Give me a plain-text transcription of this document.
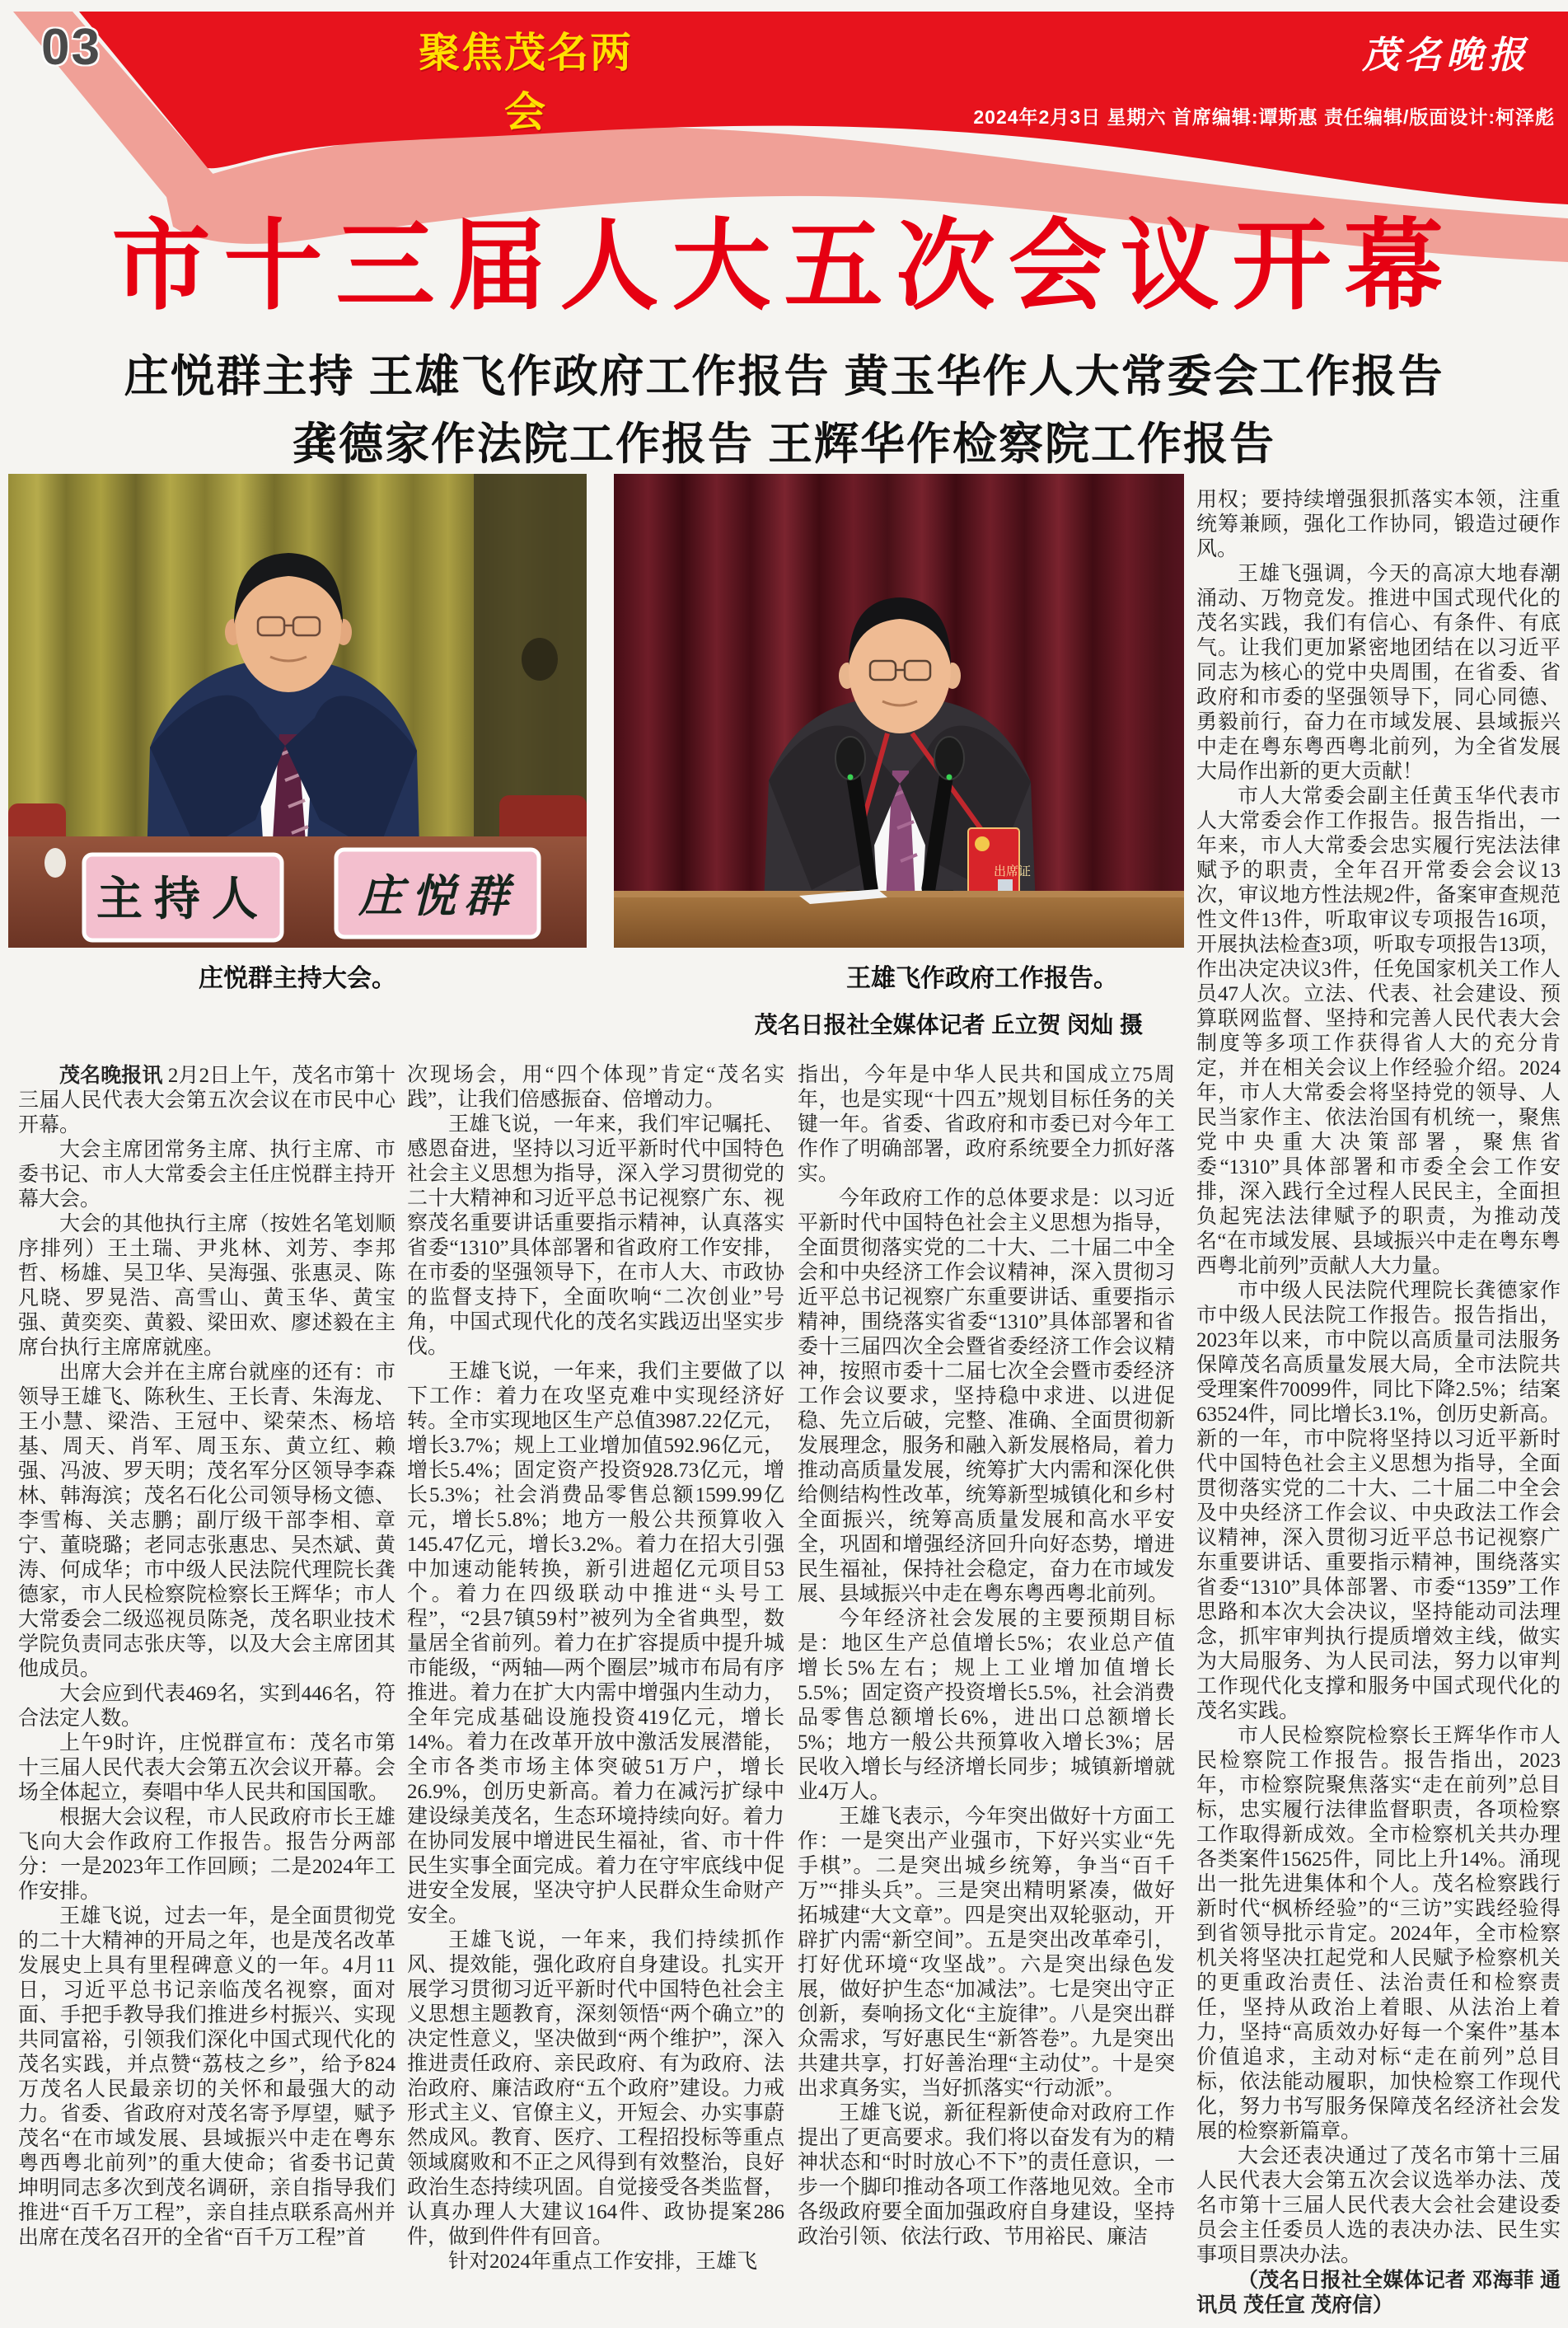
03	聚焦茂名两会
茂名晚报
2024年2月3日 星期六 首席编辑:谭斯惠 责任编辑/版面设计:柯泽彪
市十三届人大五次会议开幕
庄悦群主持 王雄飞作政府工作报告 黄玉华作人大常委会工作报告
龚德家作法院工作报告 王辉华作检察院工作报告
主持人 庄悦群	出席证
庄悦群主持大会。	王雄飞作政府工作报告。
茂名日报社全媒体记者 丘立贺 闵灿 摄

茂名晚报讯 2月2日上午，茂名市第十三届人民代表大会第五次会议在市民中心开幕。

大会主席团常务主席、执行主席、市委书记、市人大常委会主任庄悦群主持开幕大会。

大会的其他执行主席（按姓名笔划顺序排列）王土瑞、尹兆林、刘芳、李邦哲、杨雄、吴卫华、吴海强、张惠灵、陈凡晓、罗晃浩、高雪山、黄玉华、黄宝强、黄奕奕、黄毅、梁田欢、廖述毅在主席台执行主席席就座。

出席大会并在主席台就座的还有：市领导王雄飞、陈秋生、王长青、朱海龙、王小慧、梁浩、王冠中、梁荣杰、杨培基、周天、肖军、周玉东、黄立红、赖强、冯波、罗天明；茂名军分区领导李森林、韩海滨；茂名石化公司领导杨文德、李雪梅、关志鹏；副厅级干部李相、章宁、董晓璐；老同志张惠忠、吴杰斌、黄涛、何成华；市中级人民法院代理院长龚德家，市人民检察院检察长王辉华；市人大常委会二级巡视员陈尧，茂名职业技术学院负责同志张庆等，以及大会主席团其他成员。

大会应到代表469名，实到446名，符合法定人数。

上午9时许，庄悦群宣布：茂名市第十三届人民代表大会第五次会议开幕。会场全体起立，奏唱中华人民共和国国歌。

根据大会议程，市人民政府市长王雄飞向大会作政府工作报告。报告分两部分：一是2023年工作回顾；二是2024年工作安排。

王雄飞说，过去一年，是全面贯彻党的二十大精神的开局之年，也是茂名改革发展史上具有里程碑意义的一年。4月11日，习近平总书记亲临茂名视察，面对面、手把手教导我们推进乡村振兴、实现共同富裕，引领我们深化中国式现代化的茂名实践，并点赞“荔枝之乡”，给予824万茂名人民最亲切的关怀和最强大的动力。省委、省政府对茂名寄予厚望，赋予茂名“在市域发展、县域振兴中走在粤东粤西粤北前列”的重大使命；省委书记黄坤明同志多次到茂名调研，亲自指导我们推进“百千万工程”，亲自挂点联系高州并出席在茂名召开的全省“百千万工程”首

次现场会，用“四个体现”肯定“茂名实践”，让我们倍感振奋、倍增动力。

王雄飞说，一年来，我们牢记嘱托、感恩奋进，坚持以习近平新时代中国特色社会主义思想为指导，深入学习贯彻党的二十大精神和习近平总书记视察广东、视察茂名重要讲话重要指示精神，认真落实省委“1310”具体部署和省政府工作安排，在市委的坚强领导下，在市人大、市政协的监督支持下，全面吹响“二次创业”号角，中国式现代化的茂名实践迈出坚实步伐。

王雄飞说，一年来，我们主要做了以下工作：着力在攻坚克难中实现经济好转。全市实现地区生产总值3987.22亿元，增长3.7%；规上工业增加值592.96亿元，增长5.4%；固定资产投资928.73亿元，增长5.3%；社会消费品零售总额1599.99亿元，增长5.8%；地方一般公共预算收入145.47亿元，增长3.2%。着力在招大引强中加速动能转换，新引进超亿元项目53个。着力在四级联动中推进“头号工程”，“2县7镇59村”被列为全省典型，数量居全省前列。着力在扩容提质中提升城市能级，“两轴—两个圈层”城市布局有序推进。着力在扩大内需中增强内生动力，全年完成基础设施投资419亿元，增长14%。着力在改革开放中激活发展潜能，全市各类市场主体突破51万户，增长26.9%，创历史新高。着力在减污扩绿中建设绿美茂名，生态环境持续向好。着力在协同发展中增进民生福祉，省、市十件民生实事全面完成。着力在守牢底线中促进安全发展，坚决守护人民群众生命财产安全。

王雄飞说，一年来，我们持续抓作风、提效能，强化政府自身建设。扎实开展学习贯彻习近平新时代中国特色社会主义思想主题教育，深刻领悟“两个确立”的决定性意义，坚决做到“两个维护”，深入推进责任政府、亲民政府、有为政府、法治政府、廉洁政府“五个政府”建设。力戒形式主义、官僚主义，开短会、办实事蔚然成风。教育、医疗、工程招投标等重点领域腐败和不正之风得到有效整治，良好政治生态持续巩固。自觉接受各类监督，认真办理人大建议164件、政协提案286件，做到件件有回音。

针对2024年重点工作安排，王雄飞

指出，今年是中华人民共和国成立75周年，也是实现“十四五”规划目标任务的关键一年。省委、省政府和市委已对今年工作作了明确部署，政府系统要全力抓好落实。

今年政府工作的总体要求是：以习近平新时代中国特色社会主义思想为指导，全面贯彻落实党的二十大、二十届二中全会和中央经济工作会议精神，深入贯彻习近平总书记视察广东重要讲话、重要指示精神，围绕落实省委“1310”具体部署和省委十三届四次全会暨省委经济工作会议精神，按照市委十二届七次全会暨市委经济工作会议要求，坚持稳中求进、以进促稳、先立后破，完整、准确、全面贯彻新发展理念，服务和融入新发展格局，着力推动高质量发展，统筹扩大内需和深化供给侧结构性改革，统筹新型城镇化和乡村全面振兴，统筹高质量发展和高水平安全，巩固和增强经济回升向好态势，增进民生福祉，保持社会稳定，奋力在市域发展、县域振兴中走在粤东粤西粤北前列。

今年经济社会发展的主要预期目标是：地区生产总值增长5%；农业总产值增长5%左右；规上工业增加值增长5.5%；固定资产投资增长5.5%，社会消费品零售总额增长6%，进出口总额增长5%；地方一般公共预算收入增长3%；居民收入增长与经济增长同步；城镇新增就业4万人。

王雄飞表示，今年突出做好十方面工作：一是突出产业强市，下好兴实业“先手棋”。二是突出城乡统筹，争当“百千万”“排头兵”。三是突出精明紧凑，做好拓城建“大文章”。四是突出双轮驱动，开辟扩内需“新空间”。五是突出改革牵引，打好优环境“攻坚战”。六是突出绿色发展，做好护生态“加减法”。七是突出守正创新，奏响扬文化“主旋律”。八是突出群众需求，写好惠民生“新答卷”。九是突出共建共享，打好善治理“主动仗”。十是突出求真务实，当好抓落实“行动派”。

王雄飞说，新征程新使命对政府工作提出了更高要求。我们将以奋发有为的精神状态和“时时放心不下”的责任意识，一步一个脚印推动各项工作落地见效。全市各级政府要全面加强政府自身建设，坚持政治引领、依法行政、节用裕民、廉洁

用权；要持续增强狠抓落实本领，注重统筹兼顾，强化工作协同，锻造过硬作风。

王雄飞强调，今天的高凉大地春潮涌动、万物竞发。推进中国式现代化的茂名实践，我们有信心、有条件、有底气。让我们更加紧密地团结在以习近平同志为核心的党中央周围，在省委、省政府和市委的坚强领导下，同心同德、勇毅前行，奋力在市域发展、县域振兴中走在粤东粤西粤北前列，为全省发展大局作出新的更大贡献！

市人大常委会副主任黄玉华代表市人大常委会作工作报告。报告指出，一年来，市人大常委会忠实履行宪法法律赋予的职责，全年召开常委会会议13次，审议地方性法规2件，备案审查规范性文件13件，听取审议专项报告16项，开展执法检查3项，听取专项报告13项，作出决定决议3件，任免国家机关工作人员47人次。立法、代表、社会建设、预算联网监督、坚持和完善人民代表大会制度等多项工作获得省人大的充分肯定，并在相关会议上作经验介绍。2024年，市人大常委会将坚持党的领导、人民当家作主、依法治国有机统一，聚焦党中央重大决策部署，聚焦省委“1310”具体部署和市委全会工作安排，深入践行全过程人民民主，全面担负起宪法法律赋予的职责，为推动茂名“在市域发展、县域振兴中走在粤东粤西粤北前列”贡献人大力量。

市中级人民法院代理院长龚德家作市中级人民法院工作报告。报告指出，2023年以来，市中院以高质量司法服务保障茂名高质量发展大局，全市法院共受理案件70099件，同比下降2.5%；结案63524件，同比增长3.1%，创历史新高。新的一年，市中院将坚持以习近平新时代中国特色社会主义思想为指导，全面贯彻落实党的二十大、二十届二中全会及中央经济工作会议、中央政法工作会议精神，深入贯彻习近平总书记视察广东重要讲话、重要指示精神，围绕落实省委“1310”具体部署、市委“1359”工作思路和本次大会决议，坚持能动司法理念，抓牢审判执行提质增效主线，做实为大局服务、为人民司法，努力以审判工作现代化支撑和服务中国式现代化的茂名实践。

市人民检察院检察长王辉华作市人民检察院工作报告。报告指出，2023年，市检察院聚焦落实“走在前列”总目标，忠实履行法律监督职责，各项检察工作取得新成效。全市检察机关共办理各类案件15625件，同比上升14%。涌现出一批先进集体和个人。茂名检察践行新时代“枫桥经验”的“三访”实践经验得到省领导批示肯定。2024年，全市检察机关将坚决扛起党和人民赋予检察机关的更重政治责任、法治责任和检察责任，坚持从政治上着眼、从法治上着力，坚持“高质效办好每一个案件”基本价值追求，主动对标“走在前列”总目标，依法能动履职，加快检察工作现代化，努力书写服务保障茂名经济社会发展的检察新篇章。

大会还表决通过了茂名市第十三届人民代表大会第五次会议选举办法、茂名市第十三届人民代表大会社会建设委员会主任委员人选的表决办法、民生实事项目票决办法。

（茂名日报社全媒体记者 邓海菲 通讯员 茂任宣 茂府信）
